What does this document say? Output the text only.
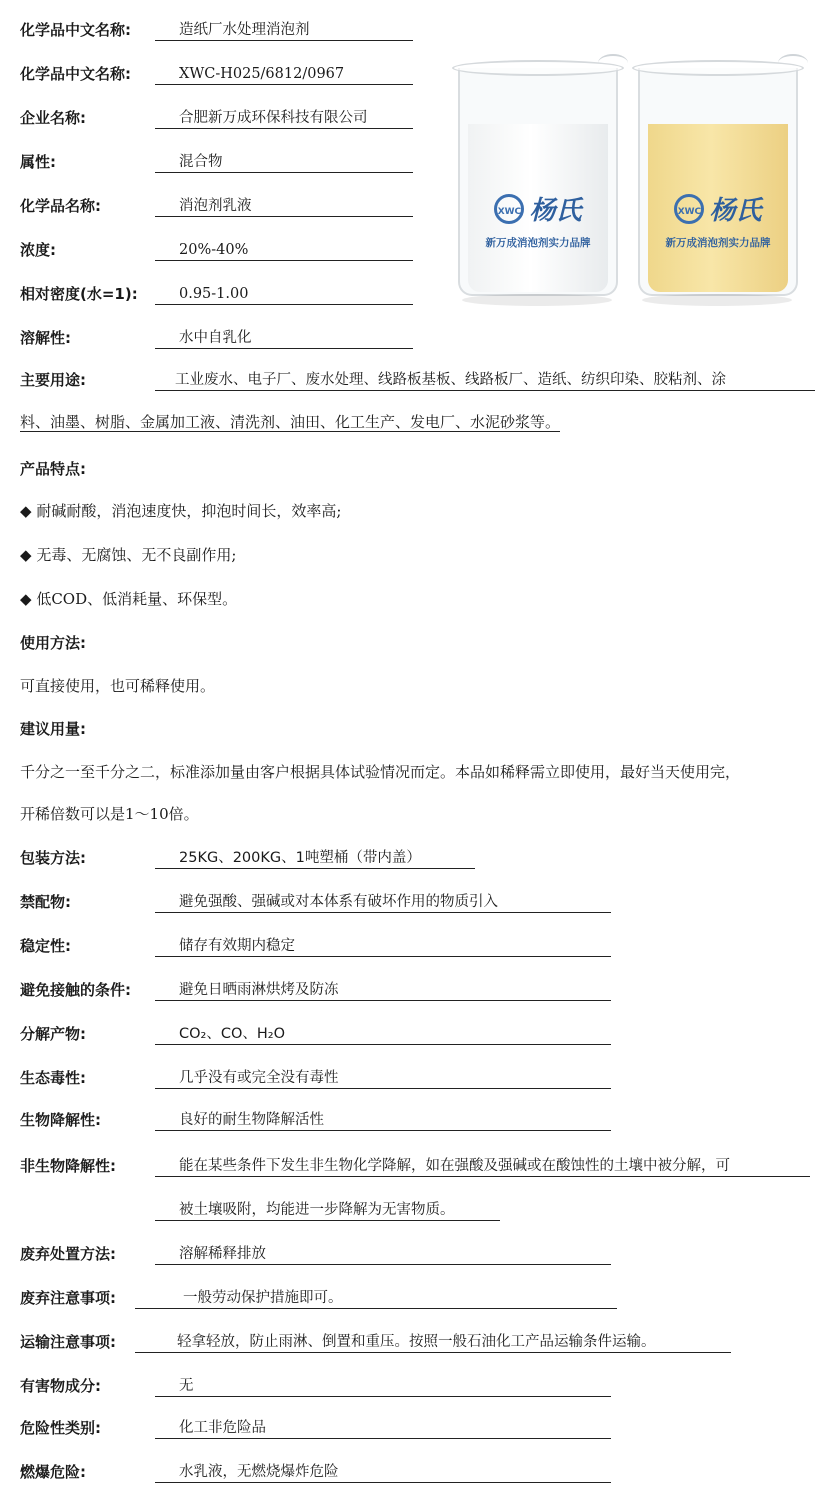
化学品中文名称:	造纸厂水处理消泡剂
化学品中文名称:	XWC-H025/6812/0967
企业名称:	合肥新万成环保科技有限公司
属性:	混合物
化学品名称:	消泡剂乳液
浓度:	20%-40%
相对密度(水=1):	0.95-1.00
溶解性:	水中自乳化
XWC 杨氏
新万成消泡剂实力品牌
XWC 杨氏
新万成消泡剂实力品牌
主要用途:	工业废水、电子厂、废水处理、线路板基板、线路板厂、造纸、纺织印染、胶粘剂、涂
料、油墨、树脂、金属加工液、清洗剂、油田、化工生产、发电厂、水泥砂浆等。
产品特点:
◆ 耐碱耐酸，消泡速度快，抑泡时间长，效率高;
◆ 无毒、无腐蚀、无不良副作用;
◆ 低COD、低消耗量、环保型。
使用方法:
可直接使用，也可稀释使用。
建议用量:
千分之一至千分之二，标准添加量由客户根据具体试验情况而定。本品如稀释需立即使用，最好当天使用完，
开稀倍数可以是1～10倍。
包装方法:	25KG、200KG、1吨塑桶（带内盖）
禁配物:	避免强酸、强碱或对本体系有破坏作用的物质引入
稳定性:	储存有效期内稳定
避免接触的条件:	避免日晒雨淋烘烤及防冻
分解产物:	CO₂、CO、H₂O
生态毒性:	几乎没有或完全没有毒性
生物降解性:	良好的耐生物降解活性
非生物降解性:	能在某些条件下发生非生物化学降解，如在强酸及强碱或在酸蚀性的土壤中被分解，可
被土壤吸附，均能进一步降解为无害物质。
废弃处置方法:	溶解稀释排放
废弃注意事项:	一般劳动保护措施即可。
运输注意事项:	轻拿轻放，防止雨淋、倒置和重压。按照一般石油化工产品运输条件运输。
有害物成分:	无
危险性类别:	化工非危险品
燃爆危险:	水乳液，无燃烧爆炸危险
